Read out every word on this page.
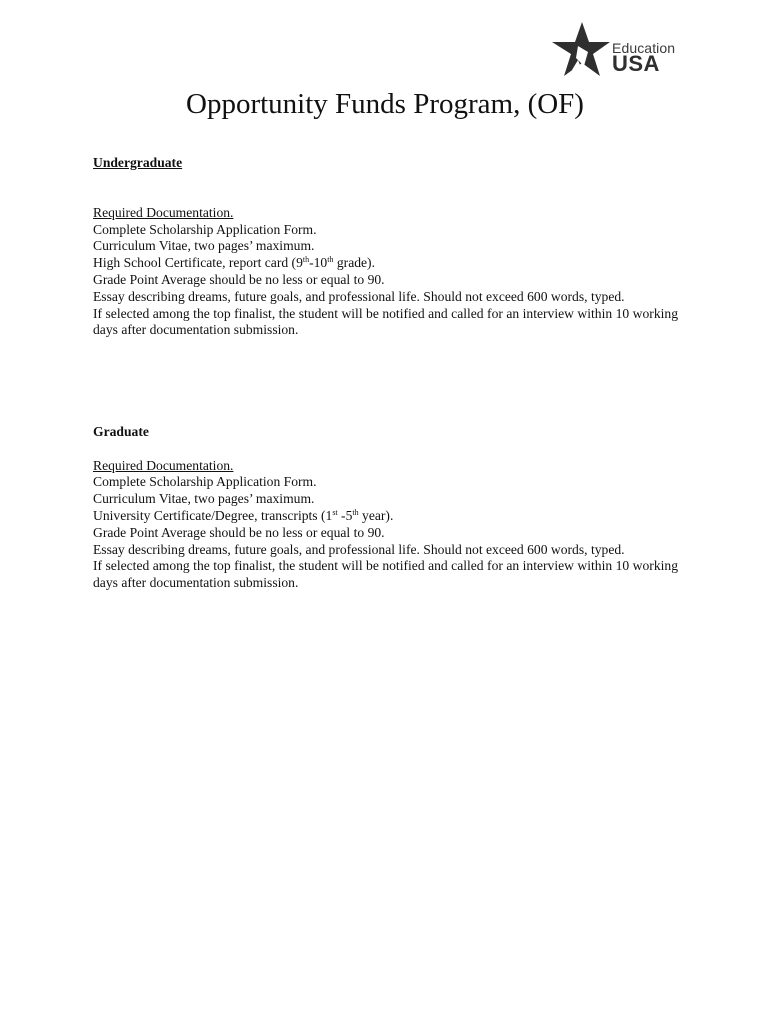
Education
USA
Opportunity Funds Program, (OF)

Undergraduate

Required Documentation.

Complete Scholarship Application Form.

Curriculum Vitae, two pages’ maximum.

High School Certificate, report card (9th-10th grade).

Grade Point Average should be no less or equal to 90.

Essay describing dreams, future goals, and professional life. Should not exceed 600 words, typed.

If selected among the top finalist, the student will be notified and called for an interview within 10 working days after documentation submission.

Graduate

Required Documentation.

Complete Scholarship Application Form.

Curriculum Vitae, two pages’ maximum.

University Certificate/Degree, transcripts (1st -5th year).

Grade Point Average should be no less or equal to 90.

Essay describing dreams, future goals, and professional life. Should not exceed 600 words, typed.

If selected among the top finalist, the student will be notified and called for an interview within 10 working days after documentation submission.
